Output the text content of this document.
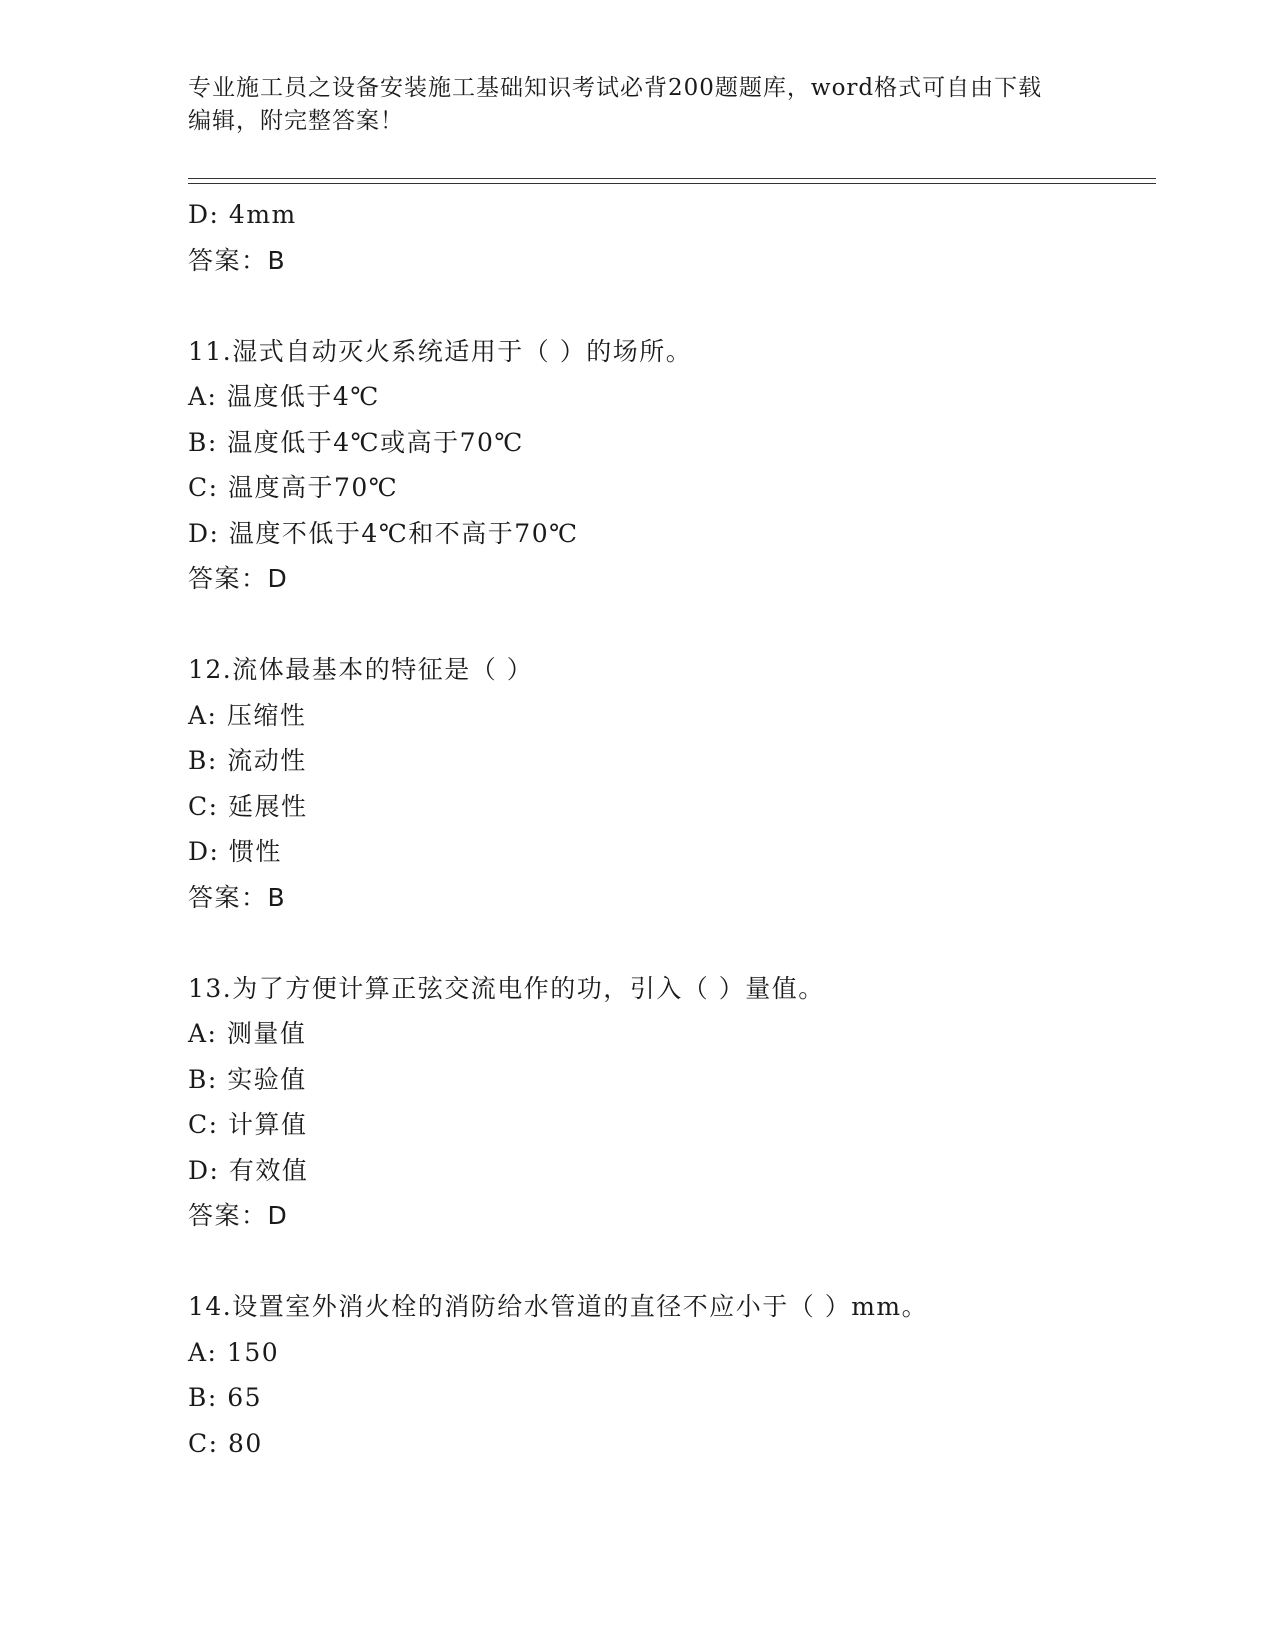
专业施工员之设备安装施工基础知识考试必背200题题库，word格式可自由下载
编辑，附完整答案！
D: 4mm
答案：B
11.湿式自动灭火系统适用于（ ）的场所。
A: 温度低于4℃
B: 温度低于4℃或高于70℃
C: 温度高于70℃
D: 温度不低于4℃和不高于70℃
答案：D
12.流体最基本的特征是（ ）
A: 压缩性
B: 流动性
C: 延展性
D: 惯性
答案：B
13.为了方便计算正弦交流电作的功，引入（ ）量值。
A: 测量值
B: 实验值
C: 计算值
D: 有效值
答案：D
14.设置室外消火栓的消防给水管道的直径不应小于（ ）mm。
A: 150
B: 65
C: 80
